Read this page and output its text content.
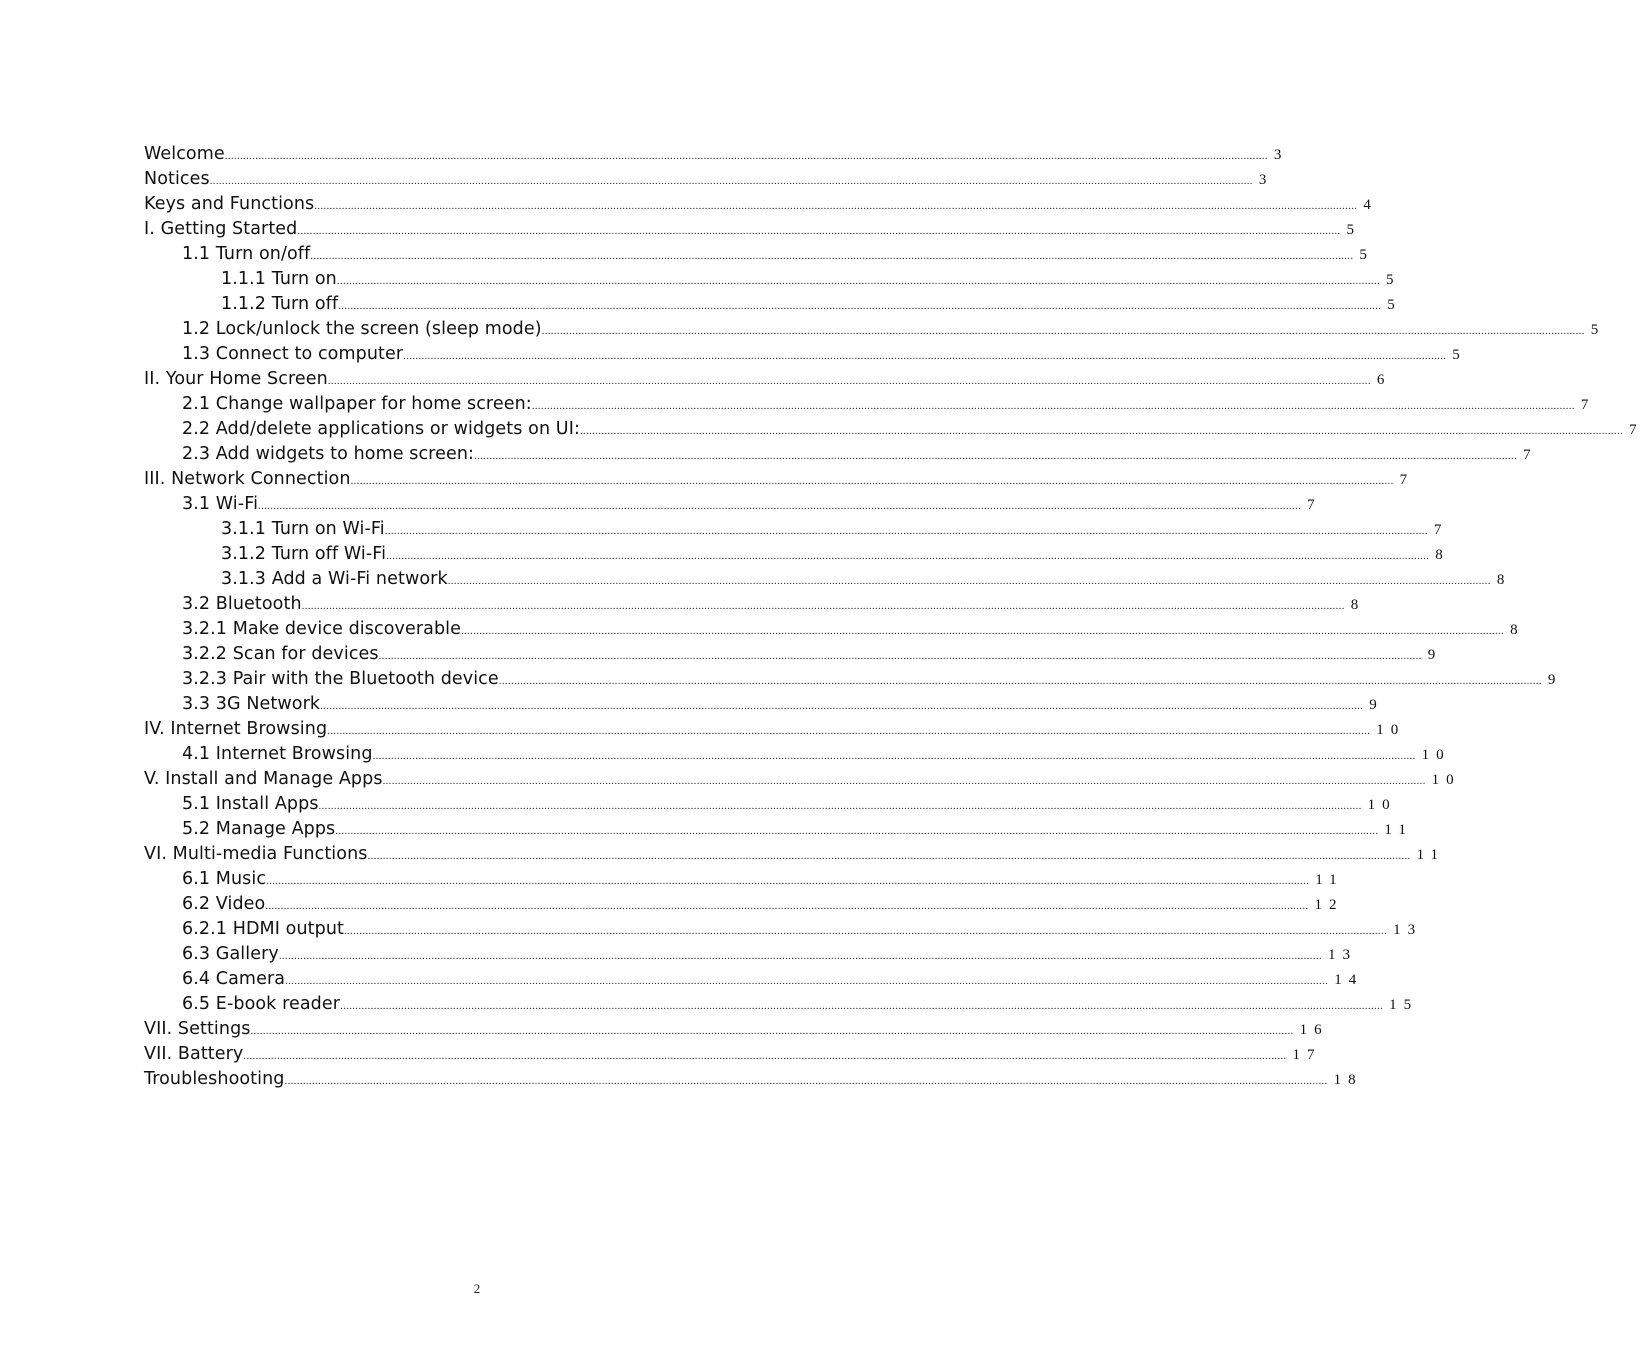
Welcome .....	3
Notices .....	3
Keys and Functions .....	4
I. Getting Started .....	5
1.1 Turn on/off .....	5
1.1.1 Turn on .....	5
1.1.2 Turn off .....	5
1.2 Lock/unlock the screen (sleep mode) .....	5
1.3 Connect to computer .....	5
II. Your Home Screen .....	6
2.1 Change wallpaper for home screen: .....	7
2.2 Add/delete applications or widgets on UI: .....	7
2.3 Add widgets to home screen: .....	7
III. Network Connection .....	7
3.1 Wi-Fi .....	7
3.1.1 Turn on Wi-Fi .....	7
3.1.2 Turn off Wi-Fi .....	8
3.1.3 Add a Wi-Fi network .....	8
3.2 Bluetooth .....	8
3.2.1 Make device discoverable .....	8
3.2.2 Scan for devices .....	9
3.2.3 Pair with the Bluetooth device .....	9
3.3 3G Network .....	9
IV. Internet Browsing .....	10
4.1 Internet Browsing .....	10
V. Install and Manage Apps .....	10
5.1 Install Apps .....	10
5.2 Manage Apps .....	11
VI. Multi-media Functions .....	11
6.1 Music .....	11
6.2 Video .....	12
6.2.1 HDMI output .....	13
6.3 Gallery .....	13
6.4 Camera .....	14
6.5 E-book reader .....	15
VII. Settings .....	16
VII. Battery .....	17
Troubleshooting .....	18
2
